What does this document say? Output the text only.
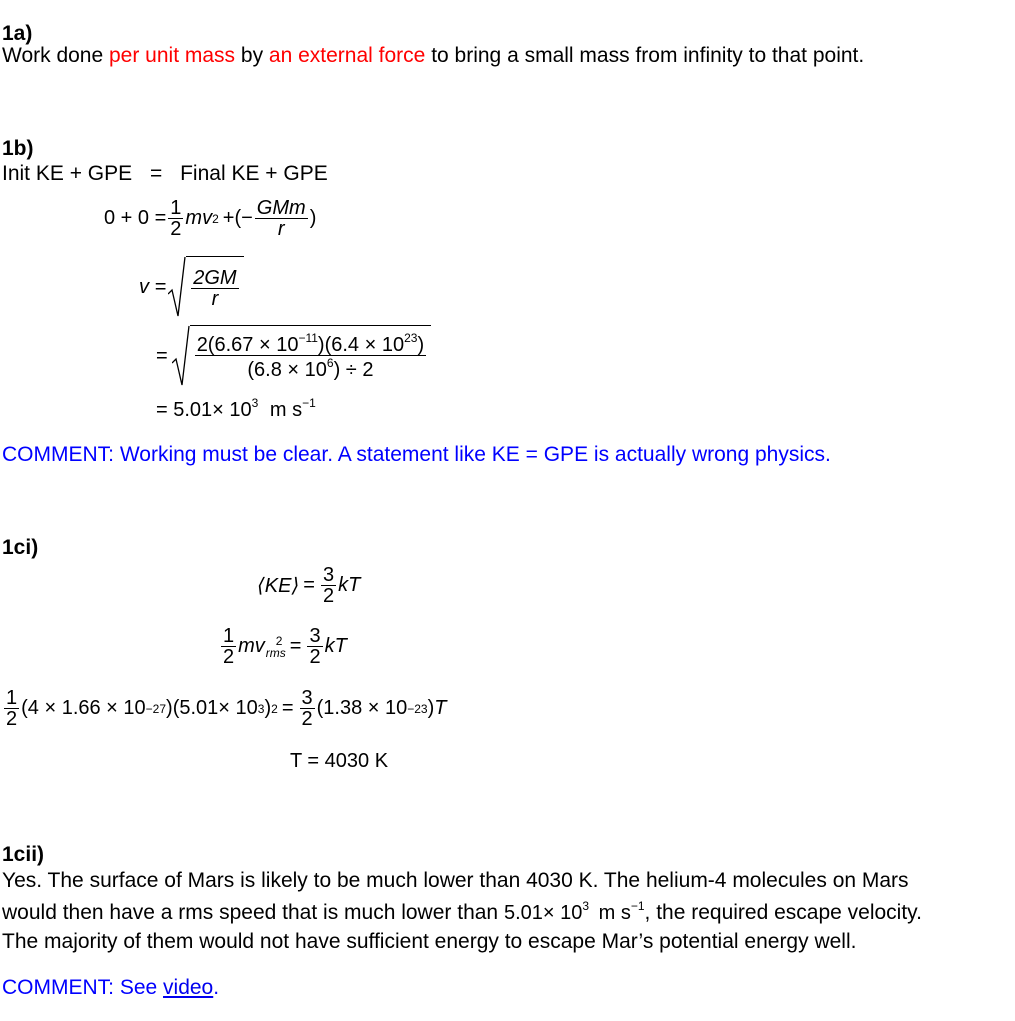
1a)
Work done per unit mass by an external force to bring a small mass from infinity to that point.
1b)
Init KE + GPE = Final KE + GPE
$0 + 0 = \frac{1}{2}$ mv 2 +(− $\frac{\text{GMm}}{r}$ )
$v = \frac{2GM}{r}$
= $\frac{2(6.67 \times 10^{-11})(6.4 \times 10^{23})}{(6.8 \times 10^6) \div 2}$
= $5.01\times 10^3$ m $s^{-1}$
COMMENT: Working must be clear. A statement like KE = GPE is actually wrong physics.
1ci)
⟨KE⟩ = $\frac{3}{2}$ kT
$\frac{1}{2}$ mv 2
rms = $\frac{3}{2}$ kT
$\frac{1}{2} (4 \times 1.66 \times 10 -27$ )(5.01× 10 3 ) $2 = \frac{3}{2} (1.38 \times 10 -23$ ) T
T = 4030 K
1cii)
Yes. The surface of Mars is likely to be much lower than 4030 K. The helium-4 molecules on Mars
would then have a rms speed that is much lower than $5.01\times 10^3$ m $s^{-1}$, the required escape velocity.
The majority of them would not have sufficient energy to escape Mar’s potential energy well.
COMMENT: See video.
